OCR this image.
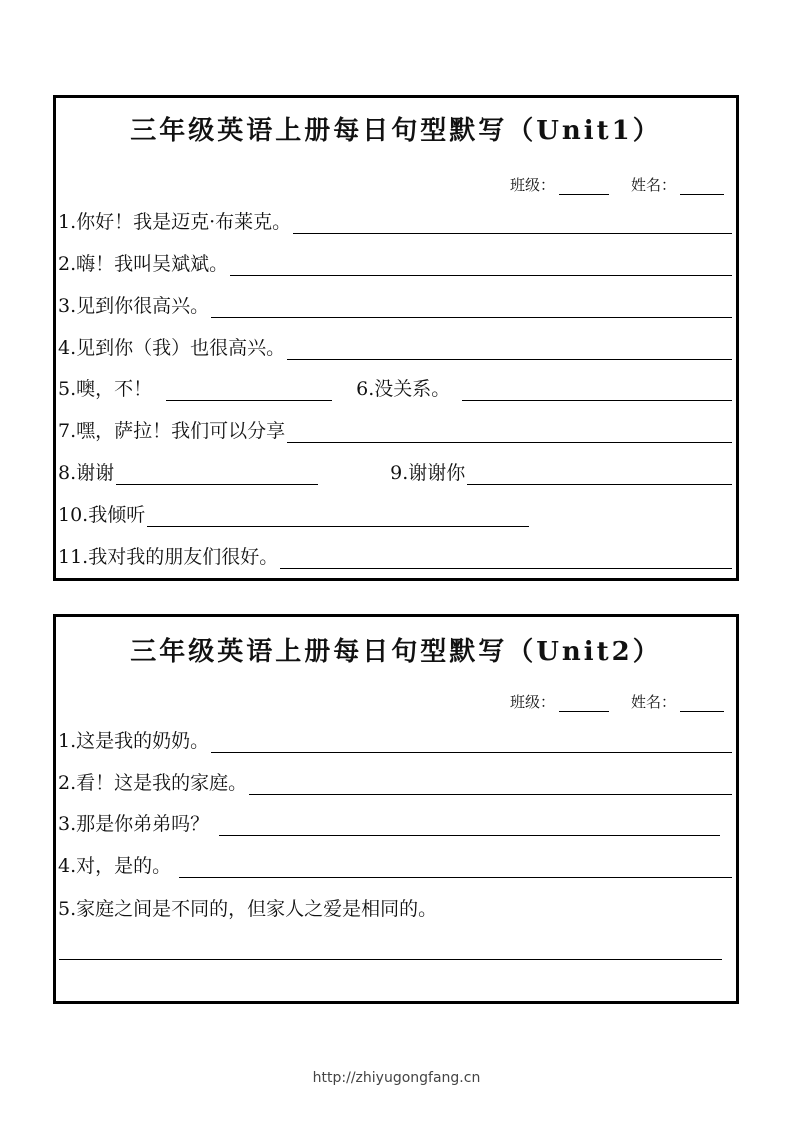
三年级英语上册每日句型默写（Unit1）
班级：	姓名：
1.你好！我是迈克·布莱克。
2.嗨！我叫吴斌斌。
3.见到你很高兴。
4.见到你（我）也很高兴。
5.噢，不！	6.没关系。
7.嘿，萨拉！我们可以分享
8.谢谢	9.谢谢你
10.我倾听
11.我对我的朋友们很好。
三年级英语上册每日句型默写（Unit2）
班级：	姓名：
1.这是我的奶奶。
2.看！这是我的家庭。
3.那是你弟弟吗？
4.对，是的。
5.家庭之间是不同的，但家人之爱是相同的。
http://zhiyugongfang.cn
